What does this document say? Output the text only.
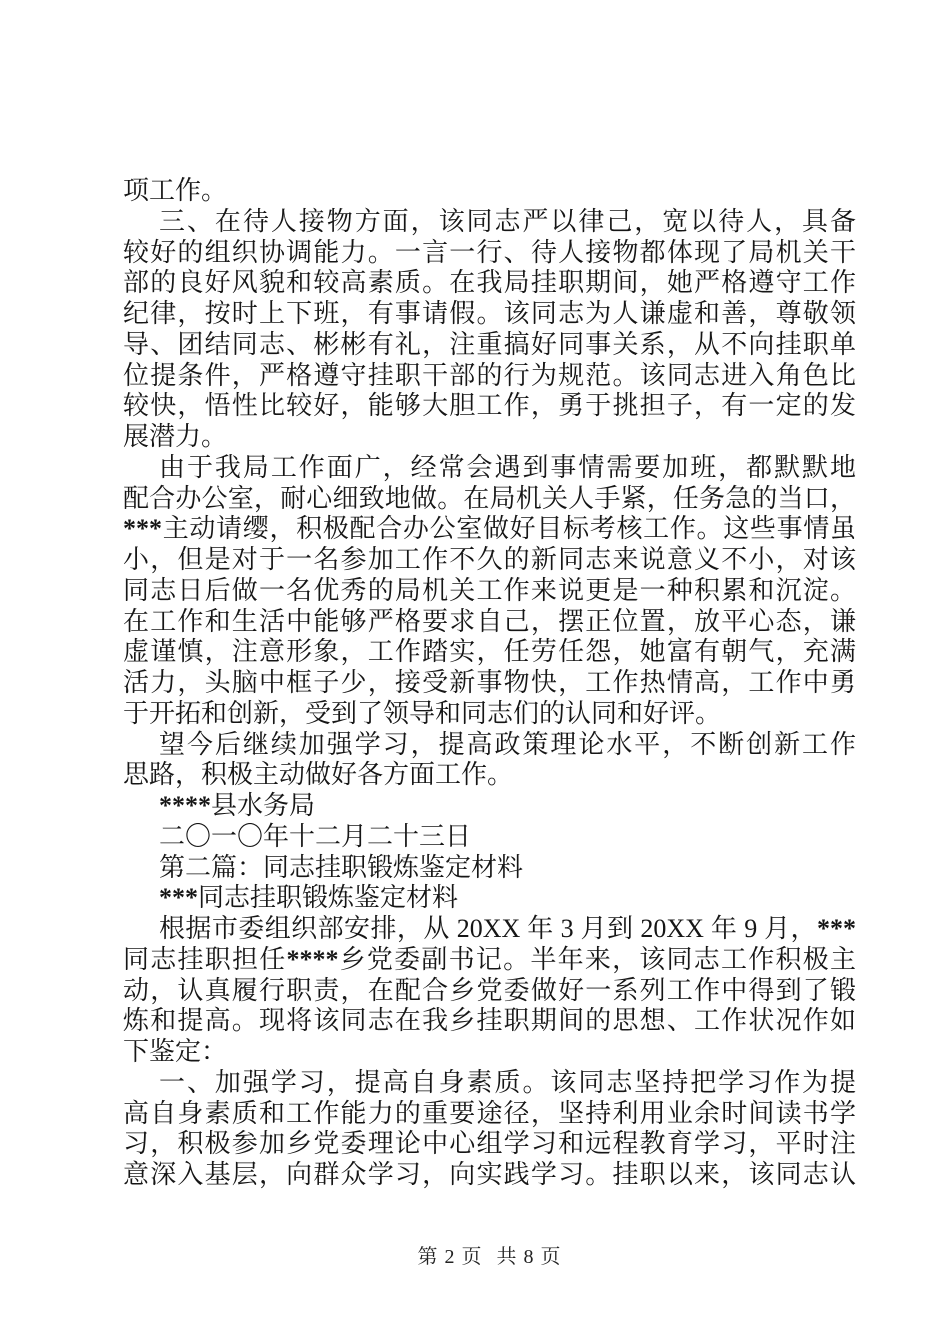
项工作。
三、在待人接物方面，该同志严以律己，宽以待人，具备
较好的组织协调能力。一言一行、待人接物都体现了局机关干
部的良好风貌和较高素质。在我局挂职期间，她严格遵守工作
纪律，按时上下班，有事请假。该同志为人谦虚和善，尊敬领
导、团结同志、彬彬有礼，注重搞好同事关系，从不向挂职单
位提条件，严格遵守挂职干部的行为规范。该同志进入角色比
较快，悟性比较好，能够大胆工作，勇于挑担子，有一定的发
展潜力。
由于我局工作面广，经常会遇到事情需要加班，都默默地
配合办公室，耐心细致地做。在局机关人手紧，任务急的当口，
***主动请缨，积极配合办公室做好目标考核工作。这些事情虽
小，但是对于一名参加工作不久的新同志来说意义不小，对该
同志日后做一名优秀的局机关工作来说更是一种积累和沉淀。
在工作和生活中能够严格要求自己，摆正位置，放平心态，谦
虚谨慎，注意形象，工作踏实，任劳任怨，她富有朝气，充满
活力，头脑中框子少，接受新事物快，工作热情高，工作中勇
于开拓和创新，受到了领导和同志们的认同和好评。
望今后继续加强学习，提高政策理论水平，不断创新工作
思路，积极主动做好各方面工作。
****县水务局
二〇一〇年十二月二十三日
第二篇：同志挂职锻炼鉴定材料
***同志挂职锻炼鉴定材料
根据市委组织部安排，从 20XX 年 3 月到 20XX 年 9 月，***
同志挂职担任****乡党委副书记。半年来，该同志工作积极主
动，认真履行职责，在配合乡党委做好一系列工作中得到了锻
炼和提高。现将该同志在我乡挂职期间的思想、工作状况作如
下鉴定：
一、加强学习，提高自身素质。该同志坚持把学习作为提
高自身素质和工作能力的重要途径，坚持利用业余时间读书学
习，积极参加乡党委理论中心组学习和远程教育学习，平时注
意深入基层，向群众学习，向实践学习。挂职以来，该同志认
第 2 页 共 8 页
